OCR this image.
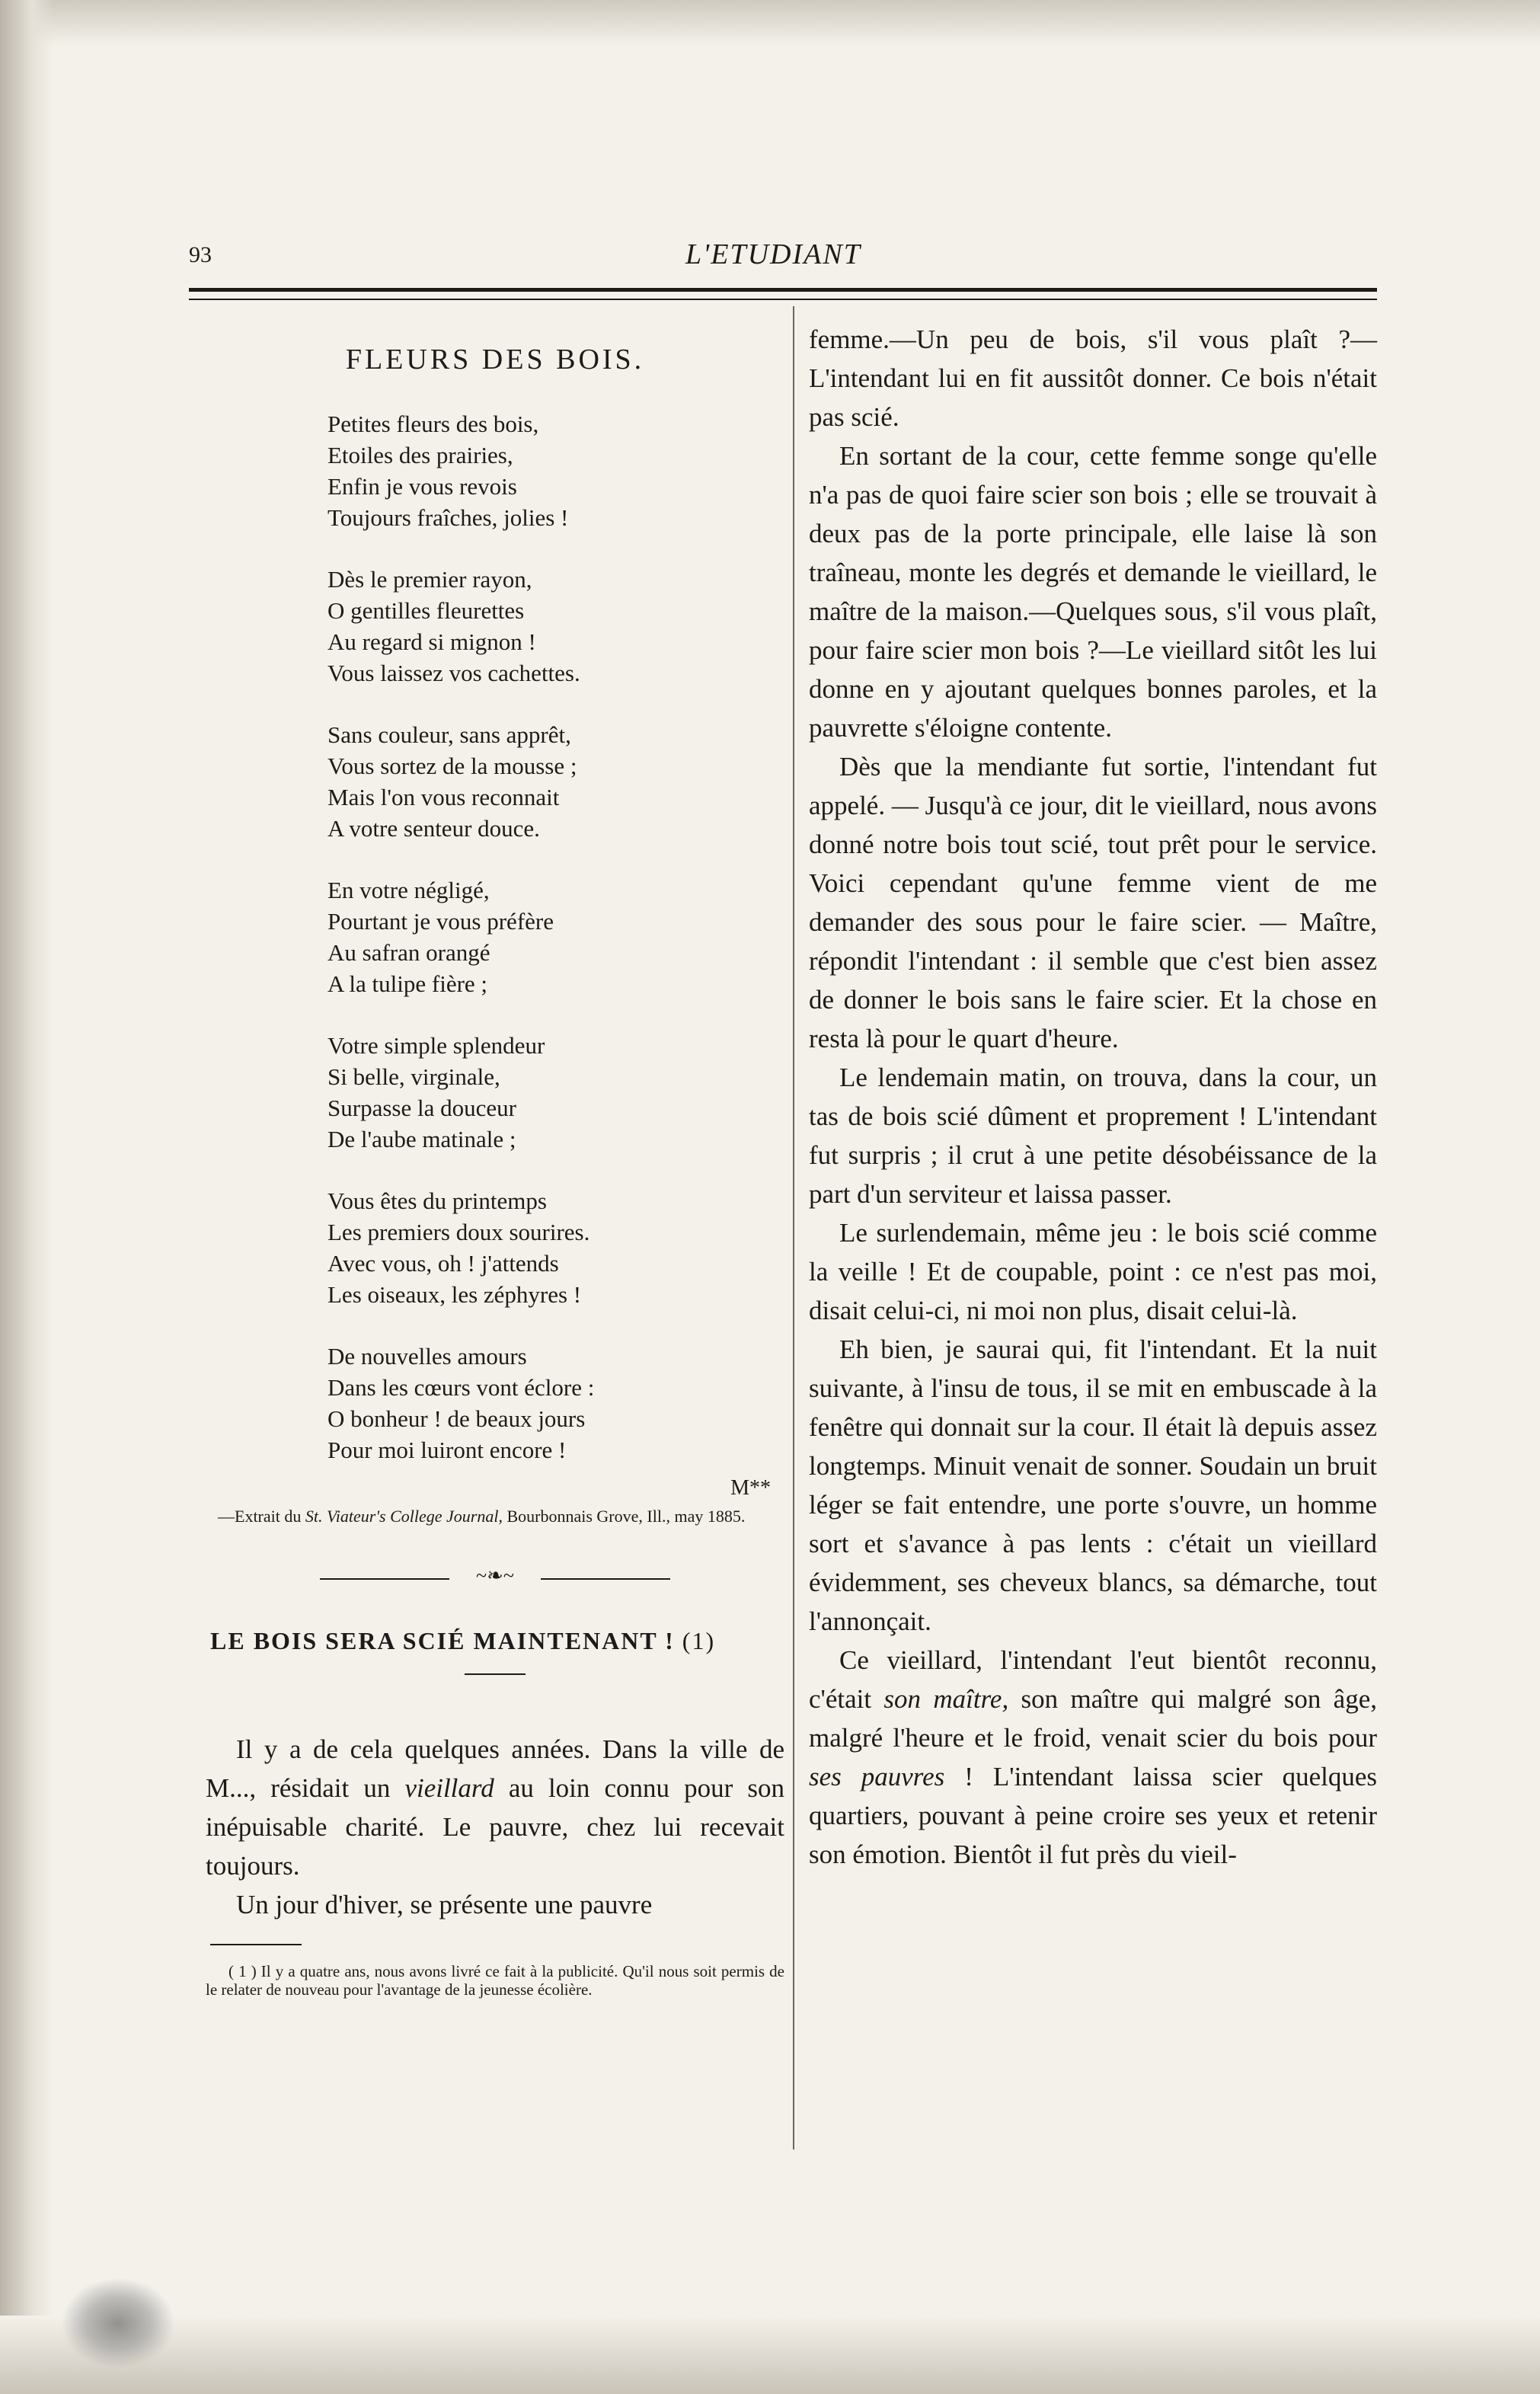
93	L'ETUDIANT
FLEURS DES BOIS.
Petites fleurs des bois,
Etoiles des prairies,
Enfin je vous revois
Toujours fraîches, jolies !
Dès le premier rayon,
O gentilles fleurettes
Au regard si mignon !
Vous laissez vos cachettes.
Sans couleur, sans apprêt,
Vous sortez de la mousse ;
Mais l'on vous reconnait
A votre senteur douce.
En votre négligé,
Pourtant je vous préfère
Au safran orangé
A la tulipe fière ;
Votre simple splendeur
Si belle, virginale,
Surpasse la douceur
De l'aube matinale ;
Vous êtes du printemps
Les premiers doux sourires.
Avec vous, oh ! j'attends
Les oiseaux, les zéphyres !
De nouvelles amours
Dans les cœurs vont éclore :
O bonheur ! de beaux jours
Pour moi luiront encore !
M**
—Extrait du St. Viateur's College Journal, Bourbonnais Grove, Ill., may 1885.
~❧~
LE BOIS SERA SCIÉ MAINTENANT ! (1)

Il y a de cela quelques années. Dans la ville de M..., résidait un vieillard au loin connu pour son inépuisable charité. Le pauvre, chez lui recevait toujours.

Un jour d'hiver, se présente une pauvre

( 1 ) Il y a quatre ans, nous avons livré ce fait à la publicité. Qu'il nous soit permis de le relater de nouveau pour l'avantage de la jeunesse écolière.

femme.—Un peu de bois, s'il vous plaît ?—L'intendant lui en fit aussitôt donner. Ce bois n'était pas scié.

En sortant de la cour, cette femme songe qu'elle n'a pas de quoi faire scier son bois ; elle se trouvait à deux pas de la porte principale, elle laise là son traîneau, monte les degrés et demande le vieillard, le maître de la maison.—Quelques sous, s'il vous plaît, pour faire scier mon bois ?—Le vieillard sitôt les lui donne en y ajoutant quelques bonnes paroles, et la pauvrette s'éloigne contente.

Dès que la mendiante fut sortie, l'intendant fut appelé. — Jusqu'à ce jour, dit le vieillard, nous avons donné notre bois tout scié, tout prêt pour le service. Voici cependant qu'une femme vient de me demander des sous pour le faire scier. — Maître, répondit l'intendant : il semble que c'est bien assez de donner le bois sans le faire scier. Et la chose en resta là pour le quart d'heure.

Le lendemain matin, on trouva, dans la cour, un tas de bois scié dûment et proprement ! L'intendant fut surpris ; il crut à une petite désobéissance de la part d'un serviteur et laissa passer.

Le surlendemain, même jeu : le bois scié comme la veille ! Et de coupable, point : ce n'est pas moi, disait celui-ci, ni moi non plus, disait celui-là.

Eh bien, je saurai qui, fit l'intendant. Et la nuit suivante, à l'insu de tous, il se mit en embuscade à la fenêtre qui donnait sur la cour. Il était là depuis assez longtemps. Minuit venait de sonner. Soudain un bruit léger se fait entendre, une porte s'ouvre, un homme sort et s'avance à pas lents : c'était un vieillard évidemment, ses cheveux blancs, sa démarche, tout l'annonçait.

Ce vieillard, l'intendant l'eut bientôt reconnu, c'était son maître, son maître qui malgré son âge, malgré l'heure et le froid, venait scier du bois pour ses pauvres ! L'intendant laissa scier quelques quartiers, pouvant à peine croire ses yeux et retenir son émotion. Bientôt il fut près du vieil-
